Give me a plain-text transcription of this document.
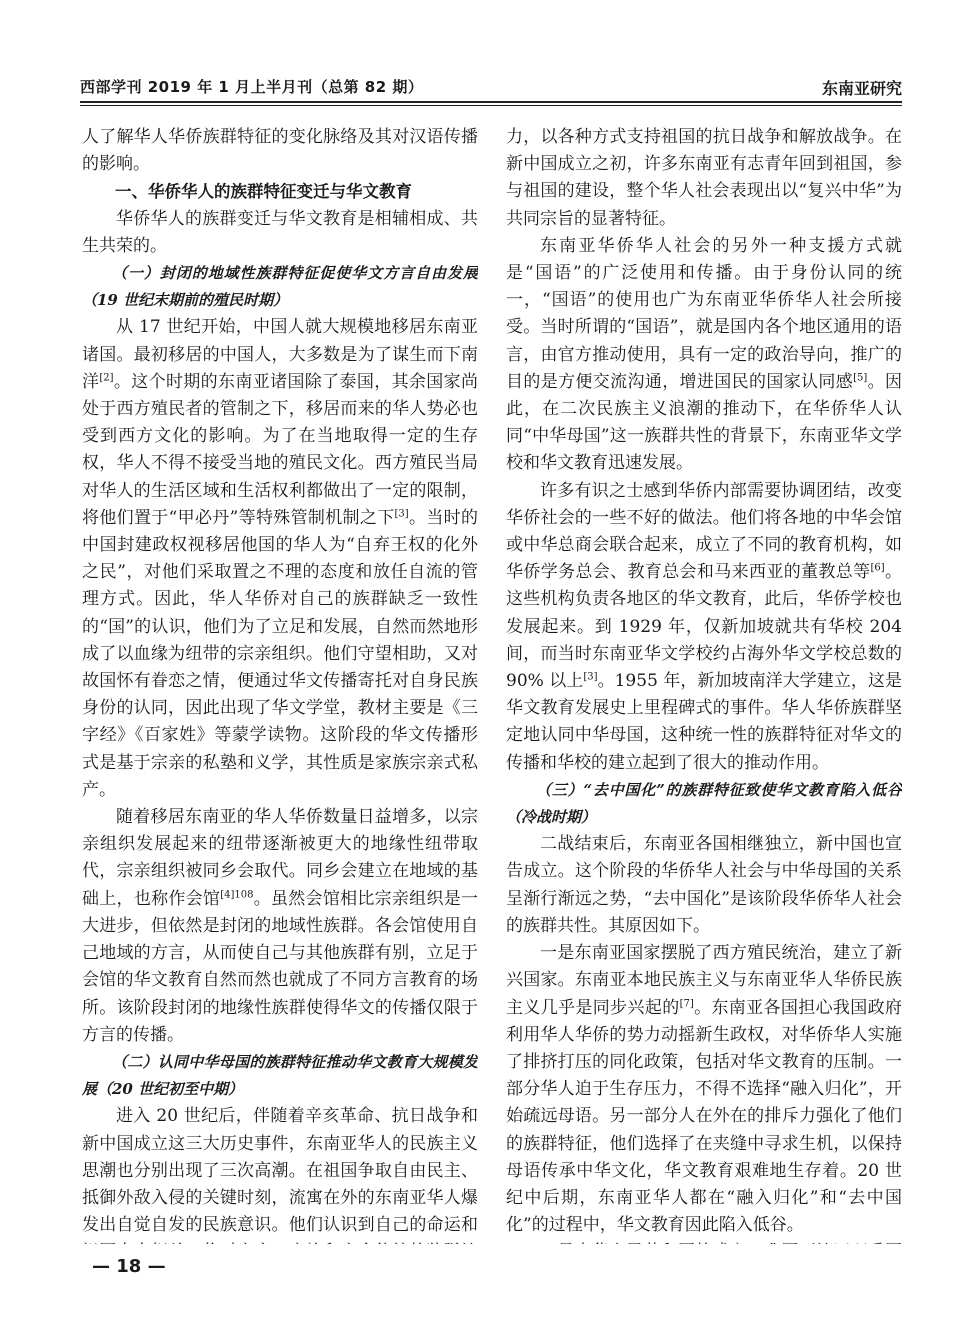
西部学刊 2019 年 1 月上半月刊（总第 82 期）	东南亚研究

人了解华人华侨族群特征的变化脉络及其对汉语传播的影响。

一、华侨华人的族群特征变迁与华文教育

华侨华人的族群变迁与华文教育是相辅相成、共生共荣的。

（一）封闭的地域性族群特征促使华文方言自由发展（19 世纪末期前的殖民时期）

从 17 世纪开始，中国人就大规模地移居东南亚诸国。最初移居的中国人，大多数是为了谋生而下南洋[2]。这个时期的东南亚诸国除了泰国，其余国家尚处于西方殖民者的管制之下，移居而来的华人势必也受到西方文化的影响。为了在当地取得一定的生存权，华人不得不接受当地的殖民文化。西方殖民当局对华人的生活区域和生活权利都做出了一定的限制，将他们置于“甲必丹”等特殊管制机制之下[3]。当时的中国封建政权视移居他国的华人为“自弃王权的化外之民”，对他们采取置之不理的态度和放任自流的管理方式。因此，华人华侨对自己的族群缺乏一致性的“国”的认识，他们为了立足和发展，自然而然地形成了以血缘为纽带的宗亲组织。他们守望相助，又对故国怀有眷恋之情，便通过华文传播寄托对自身民族身份的认同，因此出现了华文学堂，教材主要是《三字经》《百家姓》等蒙学读物。这阶段的华文传播形式是基于宗亲的私塾和义学，其性质是家族宗亲式私产。

随着移居东南亚的华人华侨数量日益增多，以宗亲组织发展起来的纽带逐渐被更大的地缘性纽带取代，宗亲组织被同乡会取代。同乡会建立在地域的基础上，也称作会馆$^{[4]108}$。虽然会馆相比宗亲组织是一大进步，但依然是封闭的地域性族群。各会馆使用自己地域的方言，从而使自己与其他族群有别，立足于会馆的华文教育自然而然也就成了不同方言教育的场所。该阶段封闭的地缘性族群使得华文的传播仅限于方言的传播。

（二）认同中华母国的族群特征推动华文教育大规模发展（20 世纪初至中期）

进入 20 世纪后，伴随着辛亥革命、抗日战争和新中国成立这三大历史事件，东南亚华人的民族主义思潮也分别出现了三次高潮。在祖国争取自由民主、抵御外敌入侵的关键时刻，流寓在外的东南亚华人爆发出自觉自发的民族意识。他们认识到自己的命运和

力，以各种方式支持祖国的抗日战争和解放战争。在新中国成立之初，许多东南亚有志青年回到祖国，参与祖国的建设，整个华人社会表现出以“复兴中华”为共同宗旨的显著特征。

东南亚华侨华人社会的另外一种支援方式就是“国语”的广泛使用和传播。由于身份认同的统一，“国语”的使用也广为东南亚华侨华人社会所接受。当时所谓的“国语”，就是国内各个地区通用的语言，由官方推动使用，具有一定的政治导向，推广的目的是方便交流沟通，增进国民的国家认同感[5]。因此，在二次民族主义浪潮的推动下，在华侨华人认同“中华母国”这一族群共性的背景下，东南亚华文学校和华文教育迅速发展。

许多有识之士感到华侨内部需要协调团结，改变华侨社会的一些不好的做法。他们将各地的中华会馆或中华总商会联合起来，成立了不同的教育机构，如华侨学务总会、教育总会和马来西亚的董教总等[6]。这些机构负责各地区的华文教育，此后，华侨学校也发展起来。到 1929 年，仅新加坡就共有华校 204 间，而当时东南亚华文学校约占海外华文学校总数的 90% 以上[3]。1955 年，新加坡南洋大学建立，这是华文教育发展史上里程碑式的事件。华人华侨族群坚定地认同中华母国，这种统一性的族群特征对华文的传播和华校的建立起到了很大的推动作用。

（三）“去中国化”的族群特征致使华文教育陷入低谷（冷战时期）

二战结束后，东南亚各国相继独立，新中国也宣告成立。这个阶段的华侨华人社会与中华母国的关系呈渐行渐远之势，“去中国化”是该阶段华侨华人社会的族群共性。其原因如下。

一是东南亚国家摆脱了西方殖民统治，建立了新兴国家。东南亚本地民族主义与东南亚华人华侨民族主义几乎是同步兴起的[7]。东南亚各国担心我国政府利用华人华侨的势力动摇新生政权，对华侨华人实施了排挤打压的同化政策，包括对华文教育的压制。一部分华人迫于生存压力，不得不选择“融入归化”，开始疏远母语。另一部分人在外在的排斥力强化了他们的族群特征，他们选择了在夹缝中寻求生机，以保持母语传承中华文化，华文教育艰难地生存着。20 世纪中后期，东南亚华人都在“融入归化”和“去中国化”的过程中，华文教育因此陷入低谷。

— 18 —
